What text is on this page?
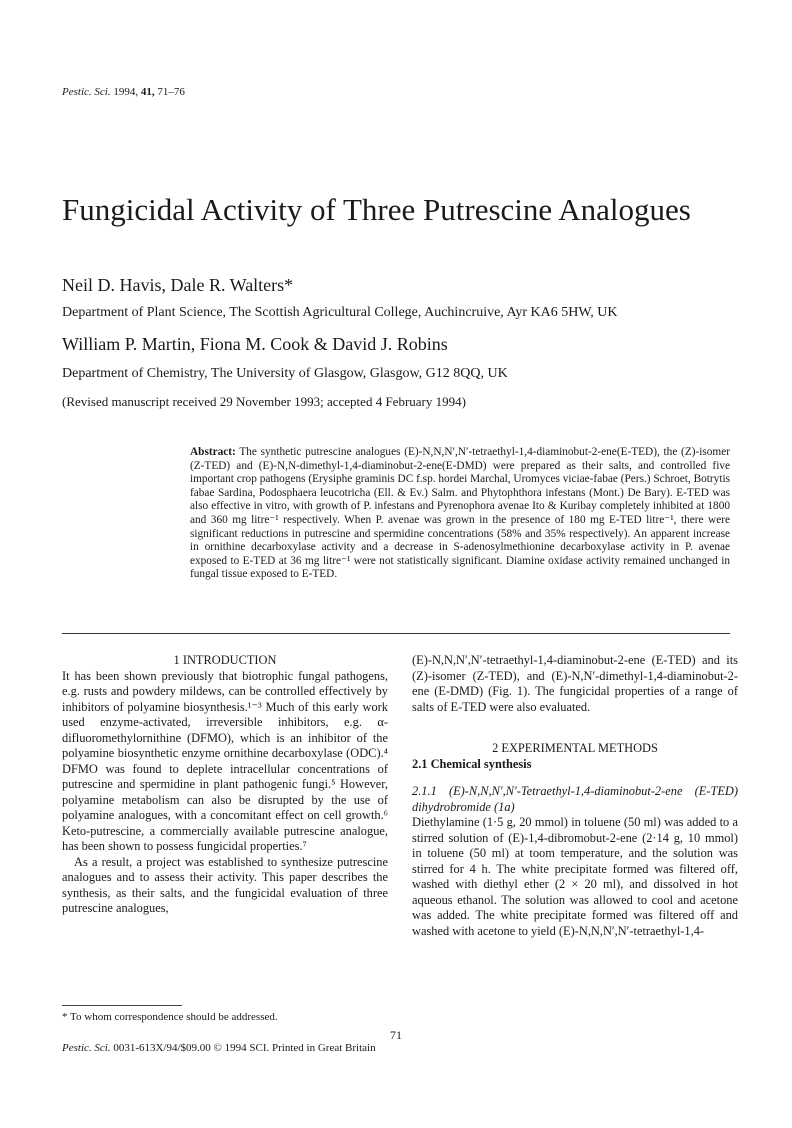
Pestic. Sci. 1994, 41, 71–76
Fungicidal Activity of Three Putrescine Analogues
Neil D. Havis, Dale R. Walters*
Department of Plant Science, The Scottish Agricultural College, Auchincruive, Ayr KA6 5HW, UK
William P. Martin, Fiona M. Cook & David J. Robins
Department of Chemistry, The University of Glasgow, Glasgow, G12 8QQ, UK
(Revised manuscript received 29 November 1993; accepted 4 February 1994)
Abstract: The synthetic putrescine analogues (E)-N,N,N′,N′-tetraethyl-1,4-diaminobut-2-ene(E-TED), the (Z)-isomer (Z-TED) and (E)-N,N-dimethyl-1,4-diaminobut-2-ene(E-DMD) were prepared as their salts, and controlled five important crop pathogens (Erysiphe graminis DC f.sp. hordei Marchal, Uromyces viciae-fabae (Pers.) Schroet, Botrytis fabae Sardina, Podosphaera leucotricha (Ell. & Ev.) Salm. and Phytophthora infestans (Mont.) De Bary). E-TED was also effective in vitro, with growth of P. infestans and Pyrenophora avenae Ito & Kuribay completely inhibited at 1800 and 360 mg litre⁻¹ respectively. When P. avenae was grown in the presence of 180 mg E-TED litre⁻¹, there were significant reductions in putrescine and spermidine concentrations (58% and 35% respectively). An apparent increase in ornithine decarboxylase activity and a decrease in S-adenosylmethionine decarboxylase activity in P. avenae exposed to E-TED at 36 mg litre⁻¹ were not statistically significant. Diamine oxidase activity remained unchanged in fungal tissue exposed to E-TED.

1 INTRODUCTION

It has been shown previously that biotrophic fungal pathogens, e.g. rusts and powdery mildews, can be controlled effectively by inhibitors of polyamine biosynthesis.¹⁻³ Much of this early work used enzyme-activated, irreversible inhibitors, e.g. α-difluoromethylornithine (DFMO), which is an inhibitor of the polyamine biosynthetic enzyme ornithine decarboxylase (ODC).⁴ DFMO was found to deplete intracellular concentrations of putrescine and spermidine in plant pathogenic fungi.⁵ However, polyamine metabolism can also be disrupted by the use of polyamine analogues, with a concomitant effect on cell growth.⁶ Keto-putrescine, a commercially available putrescine analogue, has been shown to possess fungicidal properties.⁷

As a result, a project was established to synthesize putrescine analogues and to assess their activity. This paper describes the synthesis, as their salts, and the fungicidal evaluation of three putrescine analogues,

(E)-N,N,N′,N′-tetraethyl-1,4-diaminobut-2-ene (E-TED) and its (Z)-isomer (Z-TED), and (E)-N,N′-dimethyl-1,4-diaminobut-2-ene (E-DMD) (Fig. 1). The fungicidal properties of a range of salts of E-TED were also evaluated.

2 EXPERIMENTAL METHODS

2.1 Chemical synthesis

2.1.1 (E)-N,N,N′,N′-Tetraethyl-1,4-diaminobut-2-ene (E-TED) dihydrobromide (1a)

Diethylamine (1·5 g, 20 mmol) in toluene (50 ml) was added to a stirred solution of (E)-1,4-dibromobut-2-ene (2·14 g, 10 mmol) in toluene (50 ml) at toom temperature, and the solution was stirred for 4 h. The white precipitate formed was filtered off, washed with diethyl ether (2 × 20 ml), and dissolved in hot aqueous ethanol. The solution was allowed to cool and acetone was added. The white precipitate formed was filtered off and washed with acetone to yield (E)-N,N,N′,N′-tetraethyl-1,4-

* To whom correspondence should be addressed.
71
Pestic. Sci. 0031-613X/94/$09.00 © 1994 SCI. Printed in Great Britain
